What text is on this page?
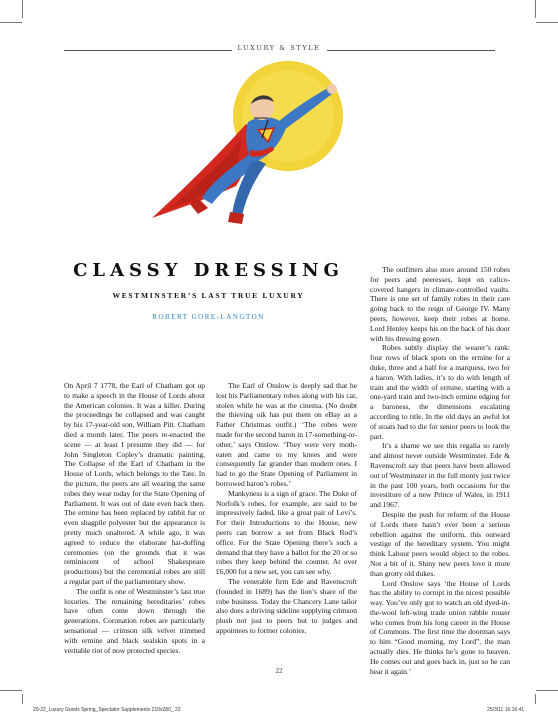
LUXURY & STYLE
CLASSY DRESSING
WESTMINSTER’S LAST TRUE LUXURY
ROBERT GORE-LANGTON

On April 7 1778, the Earl of Chatham got up to make a speech in the House of Lords about the American colonies. It was a killer. During the proceedings he collapsed and was caught by his 17-year-old son, William Pitt. Chatham died a month later. The peers re-enacted the scene — at least I presume they did — for John Singleton Copley’s dramatic painting, The Collapse of the Earl of Chatham in the House of Lords, which belongs to the Tate. In the picture, the peers are all wearing the same robes they wear today for the State Opening of Parliament. It was out of date even back then. The ermine has been replaced by rabbit fur or even shagpile polyester but the appearance is pretty much unaltered. A while ago, it was agreed to reduce the elaborate hat-doffing ceremonies (on the grounds that it was reminiscent of school Shakespeare productions) but the ceremonial robes are still a regular part of the parliamentary show.

The outfit is one of Westminster’s last true luxuries. The remaining hereditaries’ robes have often come down through the generations. Coronation robes are particularly sensational — crimson silk velvet trimmed with ermine and black sealskin spots in a veritable riot of now protected species.

The Earl of Onslow is deeply sad that he lost his Parliamentary robes along with his car, stolen while he was at the cinema. (No doubt the thieving oik has put them on eBay as a Father Christmas outfit.) ‘The robes were made for the second baron in 17-something-or-other,’ says Onslow. ‘They were very moth-eaten and came to my knees and were consequently far grander than modern ones. I had to go the State Opening of Parliament in borrowed baron’s robes.’

Mankyness is a sign of grace. The Duke of Norfolk’s robes, for example, are said to be impressively faded, like a great pair of Levi’s. For their Introductions to the House, new peers can borrow a set from Black Rod’s office. For the State Opening there’s such a demand that they have a ballot for the 20 or so robes they keep behind the counter. At over £6,000 for a new set, you can see why.

The venerable firm Ede and Ravenscroft (founded in 1689) has the lion’s share of the robe business. Today the Chancery Lane tailor also does a thriving sideline supplying crimson plush not just to peers but to judges and appointees to former colonies.

The outfitters also store around 150 robes for peers and peeresses, kept on calico-covered hangers in climate-controlled vaults. There is one set of family robes in their care going back to the reign of George IV. Many peers, however, keep their robes at home. Lord Henley keeps his on the back of his door with his dressing gown.

Robes subtly display the wearer’s rank: four rows of black spots on the ermine for a duke, three and a half for a marquess, two for a baron. With ladies, it’s to do with length of train and the width of ermine, starting with a one-yard train and two-inch ermine edging for a baroness, the dimensions escalating according to title. In the old days an awful lot of stoats had to die for senior peers to look the part.

It’s a shame we see this regalia so rarely and almost never outside Westminster. Ede & Ravenscroft say that peers have been allowed out of Westminster in the full monty just twice in the past 100 years, both occasions for the investiture of a new Prince of Wales, in 1911 and 1967.

Despite the push for reform of the House of Lords there hasn’t ever been a serious rebellion against the uniform, this outward vestige of the hereditary system. You might think Labour peers would object to the robes. Not a bit of it. Shiny new peers love it more than grotty old dukes.

Lord Onslow says ‘the House of Lords has the ability to corrupt in the nicest possible way. You’ve only got to watch an old dyed-in-the-wool left-wing trade union rabble rouser who comes from his long career in the House of Commons. The first time the doorman says to him “Good morning, my Lord”, the man actually dies. He thinks he’s gone to heaven. He comes out and goes back in, just so he can hear it again.’

22
20-22_Luxury Goods Spring_Spectator Supplements 210x280_ 22	25/3/11 16:16:41
